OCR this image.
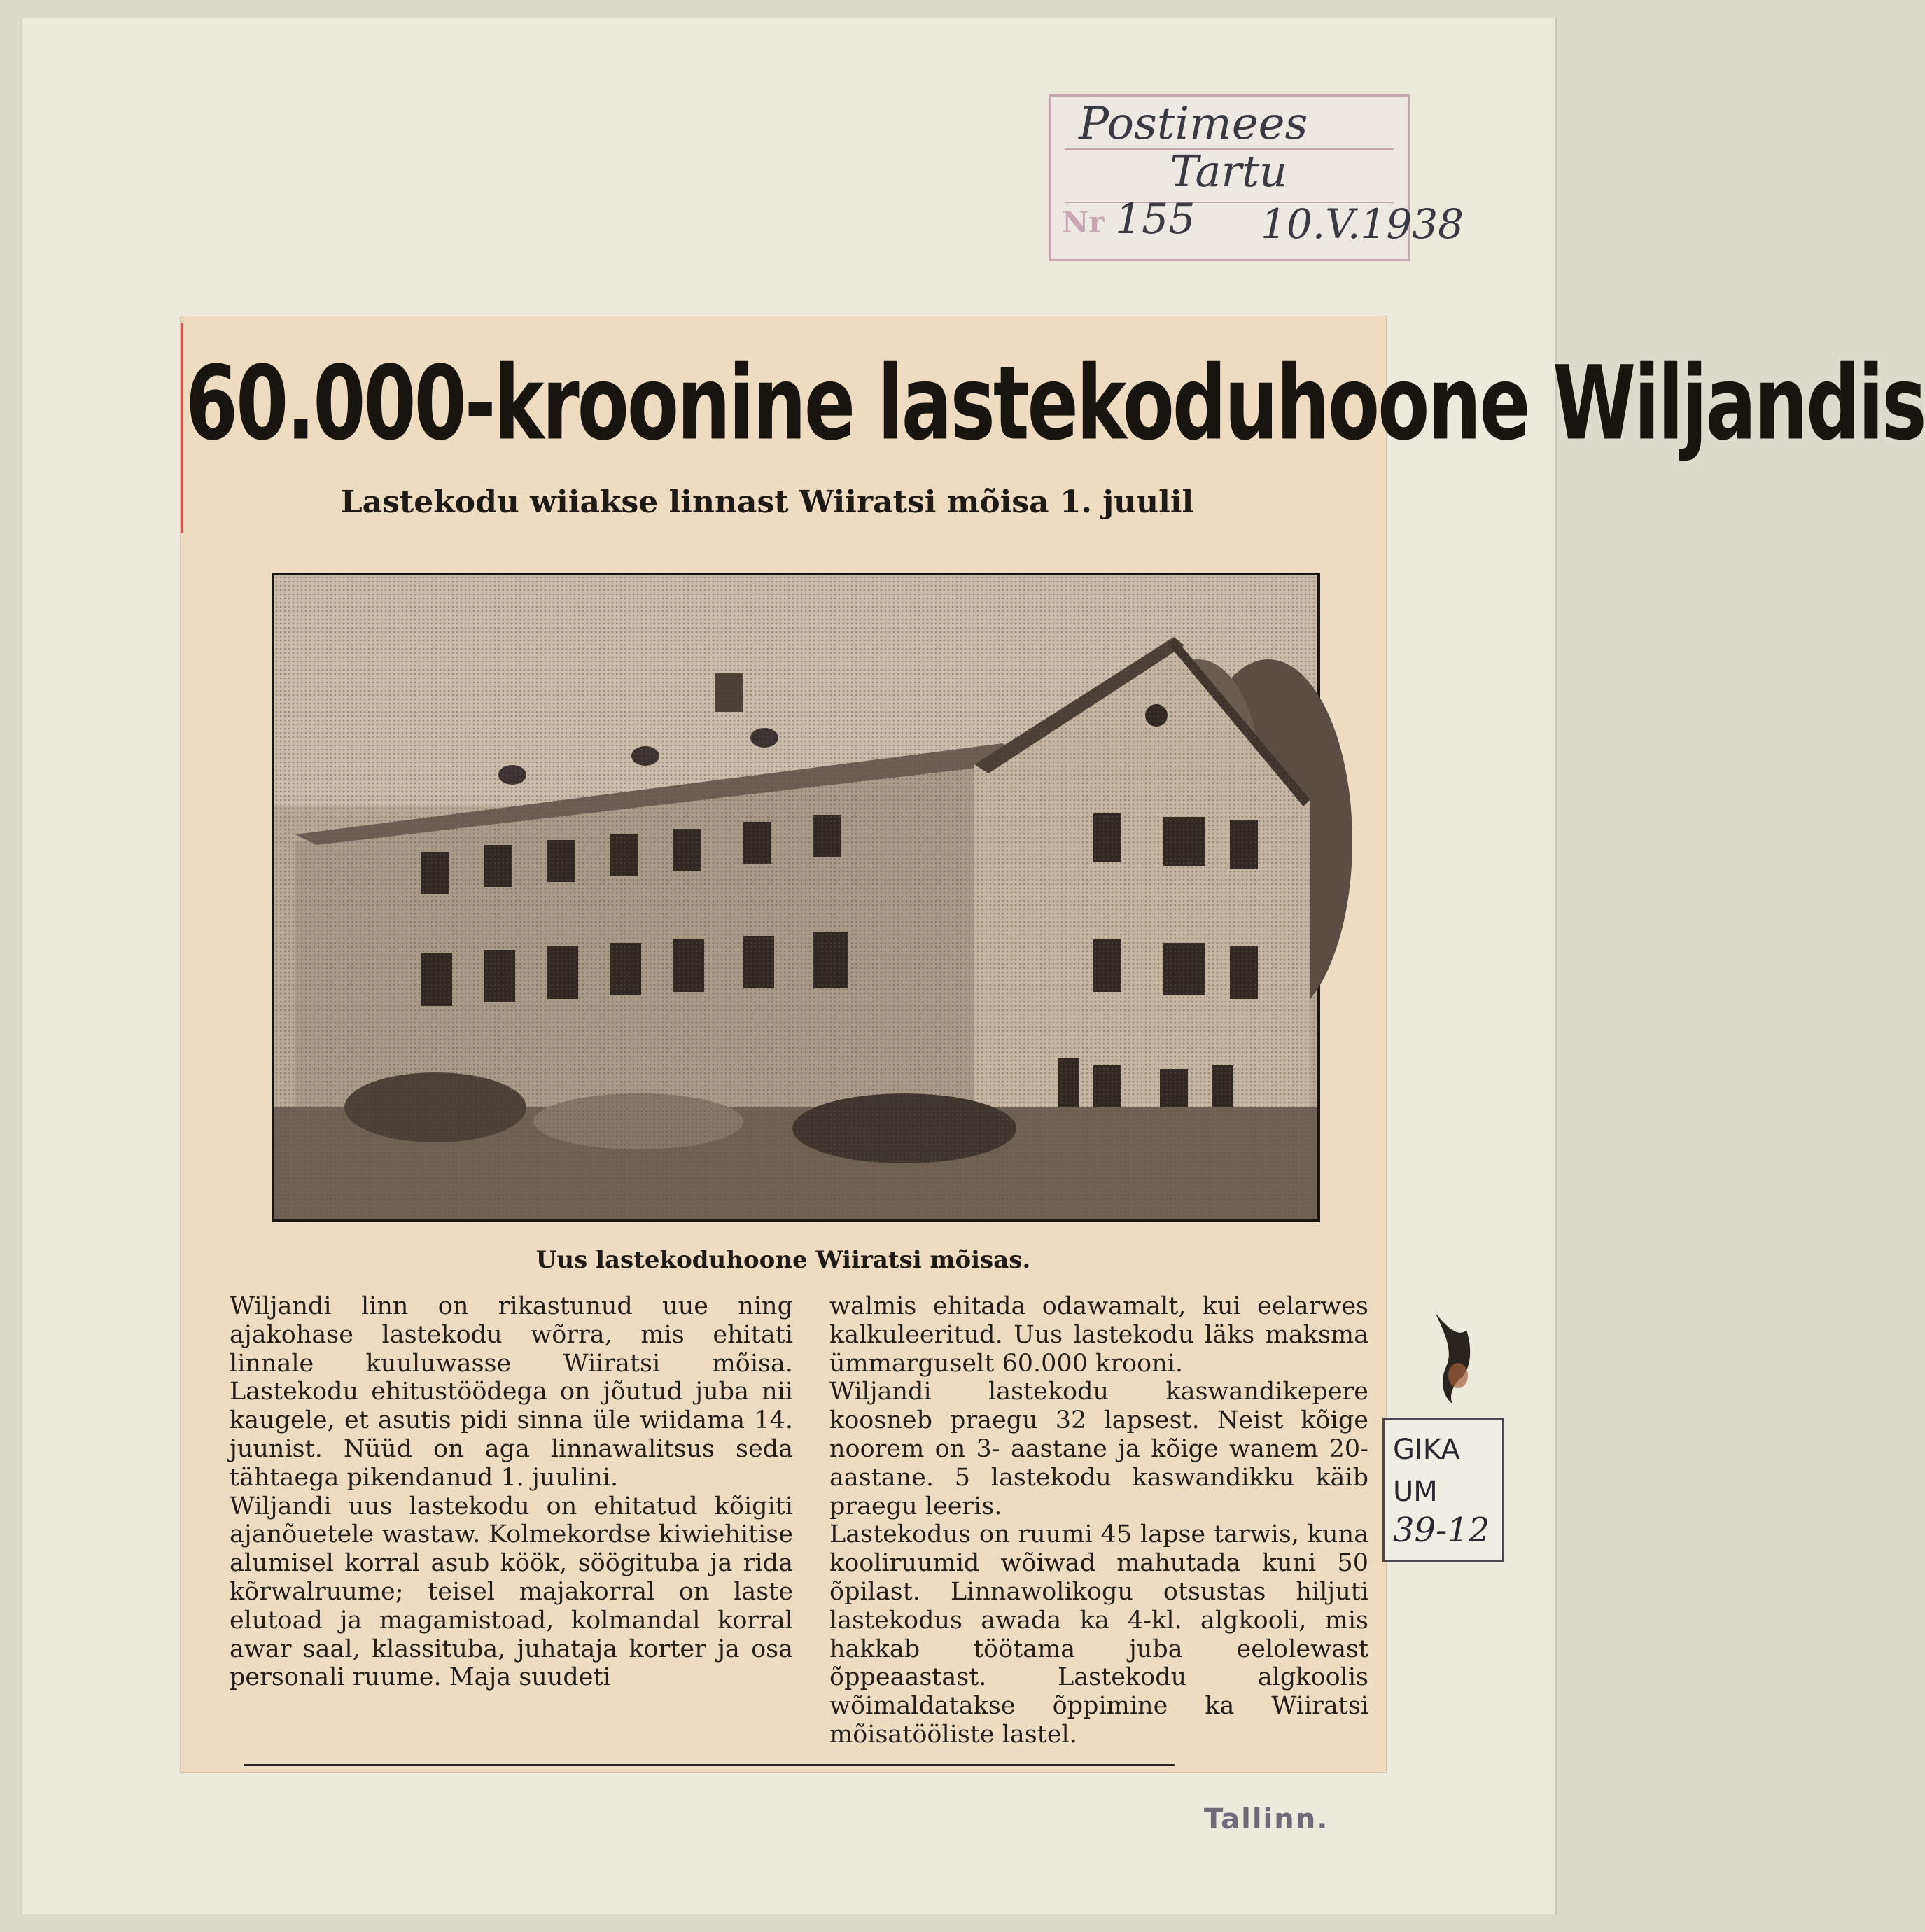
Postimees
Tartu
Nr 155 10.V.1938
60.000-kroonine lastekoduhoone Wiljandis
Lastekodu wiiakse linnast Wiiratsi mõisa 1. juulil
Uus lastekoduhoone Wiiratsi mõisas.
Wiljandi linn on rikastunud uue ning ajakohase lastekodu wõrra, mis ehitati linnale kuuluwasse Wiiratsi mõisa. Lastekodu ehitustöödega on jõutud juba nii kaugele, et asutis pidi sinna üle wiidama 14. juunist. Nüüd on aga linnawalitsus seda tähtaega pikendanud 1. juulini.
Wiljandi uus lastekodu on ehitatud kõigiti ajanõuetele wastaw. Kolmekordse kiwiehitise alumisel korral asub köök, söögituba ja rida kõrwalruume; teisel majakorral on laste elutoad ja magamistoad, kolmandal korral awar saal, klassituba, juhataja korter ja osa personali ruume. Maja suudeti
walmis ehitada odawamalt, kui eelarwes kalkuleeritud. Uus lastekodu läks maksma ümmarguselt 60.000 krooni.
Wiljandi lastekodu kaswandikepere koosneb praegu 32 lapsest. Neist kõige noorem on 3- aastane ja kõige wanem 20-aastane. 5 lastekodu kaswandikku käib praegu leeris.
Lastekodus on ruumi 45 lapse tarwis, kuna kooliruumid wõiwad mahutada kuni 50 õpilast. Linnawolikogu otsustas hiljuti lastekodus awada ka 4-kl. algkooli, mis hakkab töötama juba eelolewast õppeaastast. Lastekodu algkoolis wõimaldatakse õppimine ka Wiiratsi mõisatööliste lastel.
GIKA
UM
39-12
Tallinn.
